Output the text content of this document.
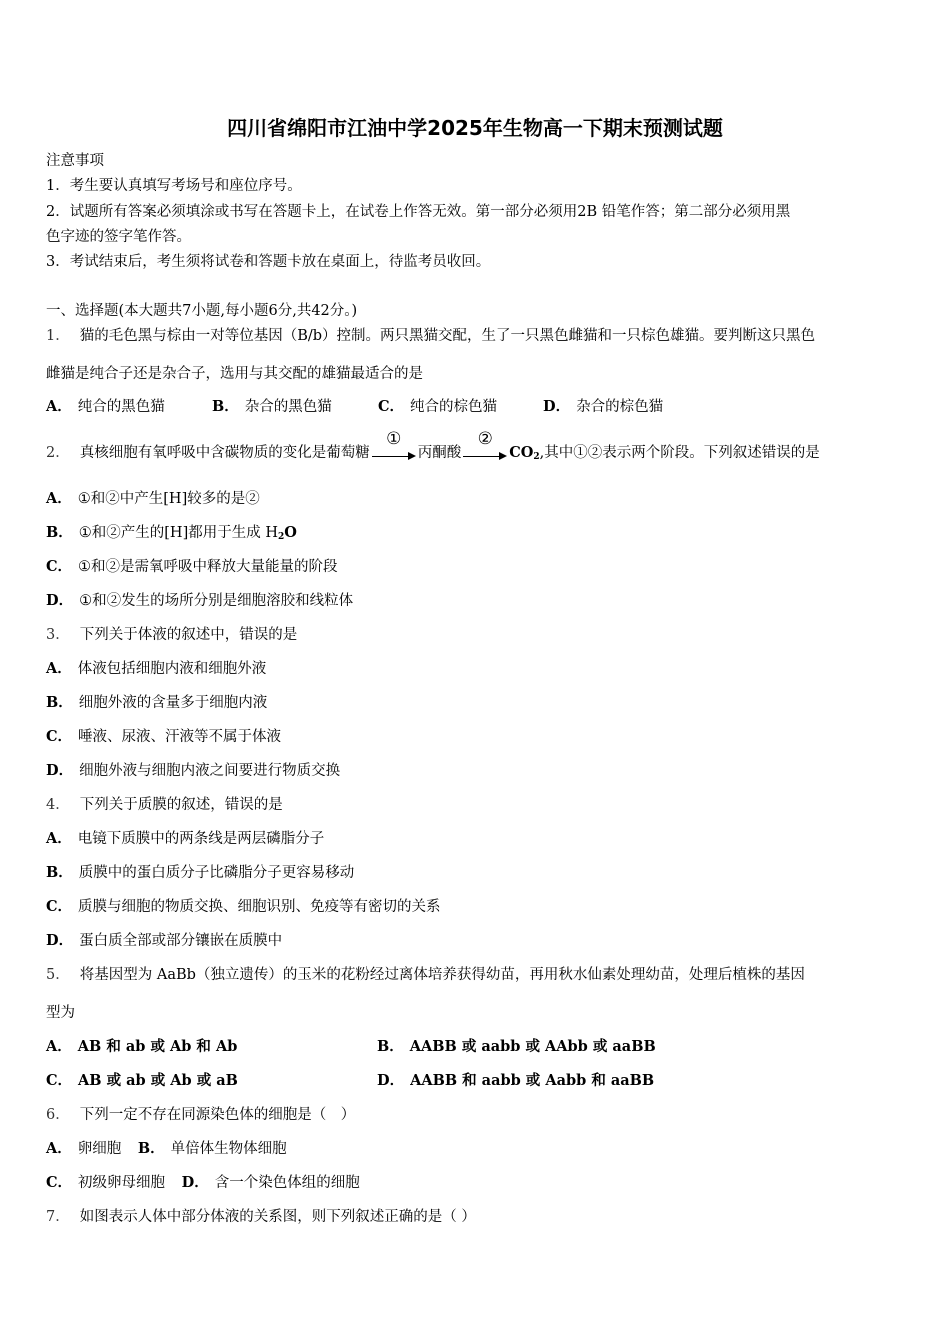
四川省绵阳市江油中学2025年生物高一下期末预测试题
注意事项
1．考生要认真填写考场号和座位序号。
2．试题所有答案必须填涂或书写在答题卡上，在试卷上作答无效。第一部分必须用2B 铅笔作答；第二部分必须用黑
色字迹的签字笔作答。
3．考试结束后，考生须将试卷和答题卡放在桌面上，待监考员收回。
一、选择题(本大题共7小题,每小题6分,共42分。)
1． 猫的毛色黑与棕由一对等位基因（B/b）控制。两只黑猫交配，生了一只黑色雌猫和一只棕色雄猫。要判断这只黑色
雌猫是纯合子还是杂合子，选用与其交配的雄猫最适合的是
A． 纯合的黑色猫	B． 杂合的黑色猫	C． 纯合的棕色猫	D． 杂合的棕色猫
2． 真核细胞有氧呼吸中含碳物质的变化是葡萄糖
①
丙酮酸
②
$CO_2$,其中①②表示两个阶段。下列叙述错误的是
A． ①和②中产生[H]较多的是②
B． ①和②产生的[H]都用于生成 $H_2O$
C． ①和②是需氧呼吸中释放大量能量的阶段
D． ①和②发生的场所分别是细胞溶胶和线粒体
3． 下列关于体液的叙述中，错误的是
A． 体液包括细胞内液和细胞外液
B． 细胞外液的含量多于细胞内液
C． 唾液、尿液、汗液等不属于体液
D． 细胞外液与细胞内液之间要进行物质交换
4． 下列关于质膜的叙述，错误的是
A． 电镜下质膜中的两条线是两层磷脂分子
B． 质膜中的蛋白质分子比磷脂分子更容易移动
C． 质膜与细胞的物质交换、细胞识别、免疫等有密切的关系
D． 蛋白质全部或部分镶嵌在质膜中
5． 将基因型为 AaBb（独立遗传）的玉米的花粉经过离体培养获得幼苗，再用秋水仙素处理幼苗，处理后植株的基因
型为
A． AB 和 ab 或 Ab 和 Ab	B． AABB 或 aabb 或 AAbb 或 aaBB
C． AB 或 ab 或 Ab 或 aB	D． AABB 和 aabb 或 Aabb 和 aaBB
6． 下列一定不存在同源染色体的细胞是（　）
A． 卵细胞 B． 单倍体生物体细胞
C． 初级卵母细胞 D． 含一个染色体组的细胞
7． 如图表示人体中部分体液的关系图，则下列叙述正确的是（ ）
